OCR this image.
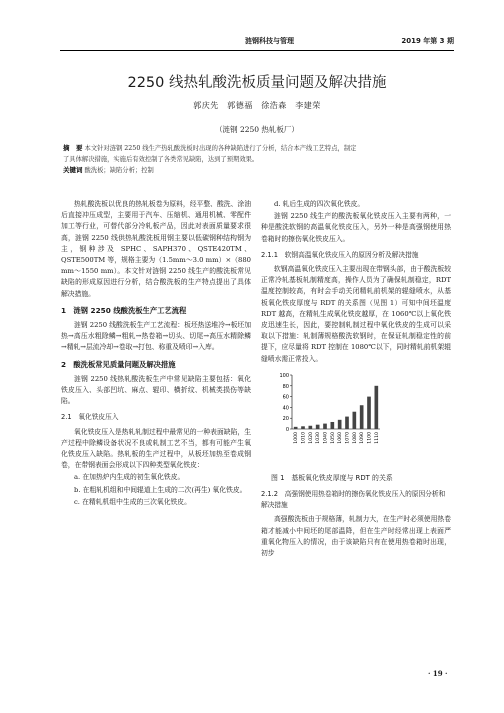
涟钢科技与管理	2019 年第 3 期
2250 线热轧酸洗板质量问题及解决措施
郭庆先　郭德福　徐浩森　李建荣
（涟钢 2250 热轧板厂）
摘　要 本文针对涟钢 2250 线生产热轧酸洗板时出现的各种缺陷进行了分析，结合本产线工艺特点，制定
了具体解决措施，实施后有效控制了各类常见缺陷，达到了预期效果。
关键词 酸洗板；缺陷分析；控制

热轧酸洗板以优良的热轧板卷为原料，经平整、酸洗、涂油后直接冲压成型，主要用于汽车、压缩机、通用机械、零配件加工等行业，可替代部分冷轧板产品，因此对表面质量要求很高，涟钢 2250 线供热轧酸洗板用钢主要以低碳钢种结构钢为主，钢种涉及 SPHC、SAPH370、QSTE420TM、QSTE500TM 等，规格主要为（1.5mm～3.0 mm）×（880 mm～1550 mm）。本文针对涟钢 2250 线生产的酸洗板常见缺陷的形成原因进行分析，结合酸洗板的生产特点提出了具体解决措施。

1　涟钢 2250 线酸洗板生产工艺流程

涟钢 2250 线酸洗板生产工艺流程：板坯热送堆冷→板坯加热→高压水粗除鳞→粗轧→热卷箱→切头、切尾→高压水精除鳞→精轧→层流冷却→卷取→打包、称重及喷印→入库。

2　酸洗板常见质量问题及解决措施

涟钢 2250 线热轧酸洗板生产中常见缺陷主要包括：氧化铁皮压入、头部凹坑、麻点、辊印、横折纹、机械类损伤等缺陷。

2.1　氧化铁皮压入

氧化铁皮压入是热轧轧制过程中最常见的一种表面缺陷，生产过程中除鳞设备状况不良或轧制工艺不当，都有可能产生氧化铁皮压入缺陷。热轧板的生产过程中，从板坯加热至卷成钢卷，在带钢表面会形成以下四种类型氧化铁皮：

a. 在加热炉内生成的初生氧化铁皮。

b. 在粗轧机组和中间辊道上生成的二次(再生) 氧化铁皮。

c. 在精轧机组中生成的三次氧化铁皮。

d. 轧后生成的四次氧化铁皮。

涟钢 2250 线生产的酸洗板氧化铁皮压入主要有两种，一种是酸洗软钢的高温氧化铁皮压入，另外一种是高强钢使用热卷箱时的擦伤氧化铁皮压入。

2.1.1　软钢高温氧化铁皮压入的原因分析及解决措施

软钢高温氧化铁皮压入主要出现在带钢头部，由于酸洗板较正常冷轧基板轧制精度高，操作人员为了确保轧制稳定，RDT 温度控制较高，有时会手动关闭精轧前机架的辊缝喷水，从基板氧化铁皮厚度与 RDT 的关系图（见图 1）可知中间坯温度 RDT 越高，在精轧生成氧化铁皮越厚，在 1060℃以上氧化铁皮迅速生长，因此，要控制轧制过程中氧化铁皮的生成可以采取以下措施：轧制薄规格酸洗软钢时，在保证轧制稳定性的前提下，应尽量将 RDT 控制在 1080℃以下，同时精轧前机架辊缝喷水需正常投入。

100
80
60
40
20
0
1000 1010 1020 1030 1040 1050 1060 1070 1080 1090 1100 1110
图 1　基板氧化铁皮厚度与 RDT 的关系
2.1.2　高强钢使用热卷箱时的擦伤氧化铁皮压入的原因分析和解决措施

高强酸洗板由于规格薄，轧制力大，在生产时必须使用热卷箱才能减小中间坯的尾部温降，但在生产时经常出现上表面严重氧化物压入的情况，由于该缺陷只有在使用热卷箱时出现，初步

· 19 ·
